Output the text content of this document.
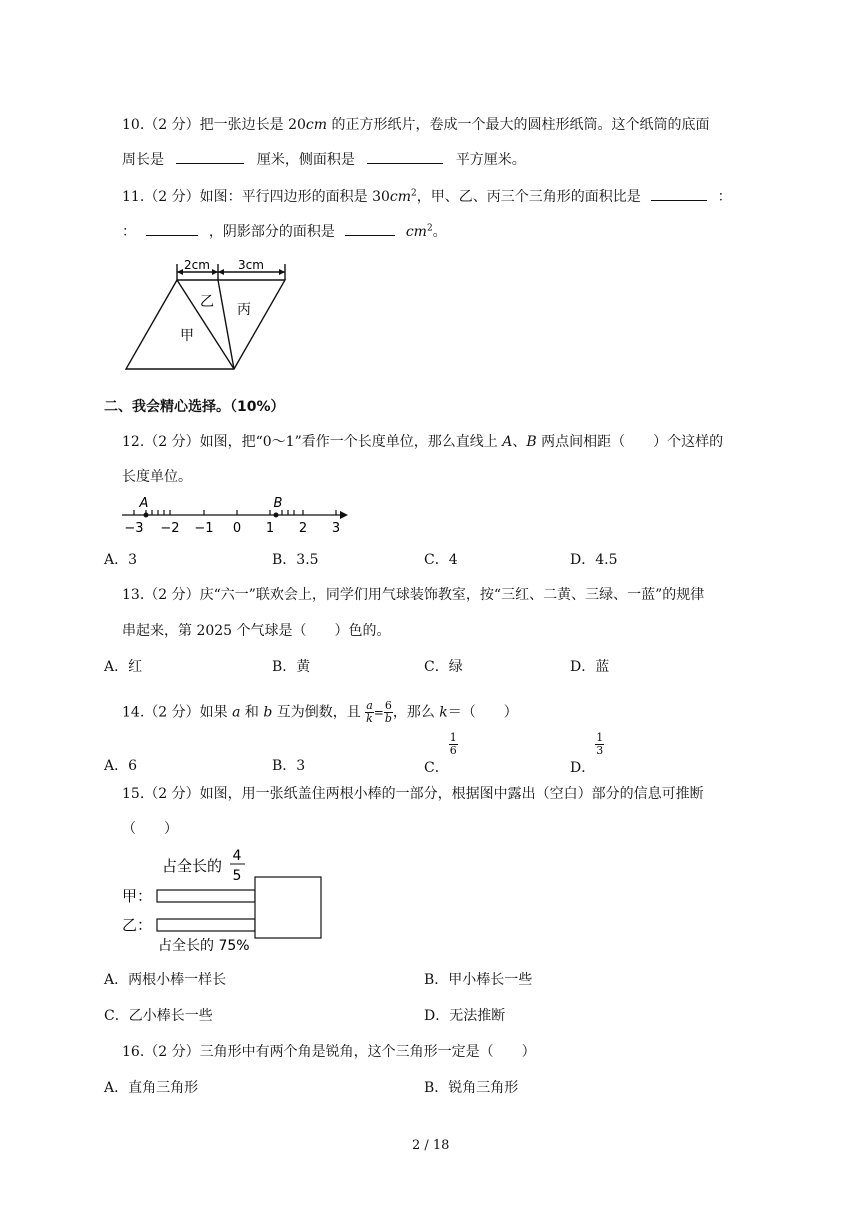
10.（2 分）把一张边长是 20cm 的正方形纸片，卷成一个最大的圆柱形纸筒。这个纸筒的底面
周长是	厘米，侧面积是	平方厘米。
11.（2 分）如图：平行四边形的面积是 $30cm^2$，甲、乙、丙三个三角形的面积比是	：
：	，阴影部分的面积是	$cm^2$。
2cm 3cm
甲
乙 丙
二、我会精心选择。（10%）
12.（2 分）如图，把“0～1”看作一个长度单位，那么直线上 A、B 两点间相距（　　）个这样的
长度单位。
A	B
−3 −2 −1 0 1 2 3
A．3	B．3.5	C．4	D．4.5
13.（2 分）庆“六一”联欢会上，同学们用气球装饰教室，按“三红、二黄、三绿、一蓝”的规律
串起来，第 2025 个气球是（　　）色的。
A．红	B．黄	C．绿	D．蓝
14.（2 分）如果 a 和 b 互为倒数，且 $\frac{a}{k} = \frac{6}{b}$ ，那么 k＝（　　）
A．6	B．3	C．
$\frac{1}{6}$
D．
$\frac{1}{3}$
15.（2 分）如图，用一张纸盖住两根小棒的一部分，根据图中露出（空白）部分的信息可推断
（　　）
占全长的
4
5
甲：
乙：
占全长的 75%
A．两根小棒一样长	B．甲小棒长一些
C．乙小棒长一些	D．无法推断
16.（2 分）三角形中有两个角是锐角，这个三角形一定是（　　）
A．直角三角形	B．锐角三角形
2 / 18
